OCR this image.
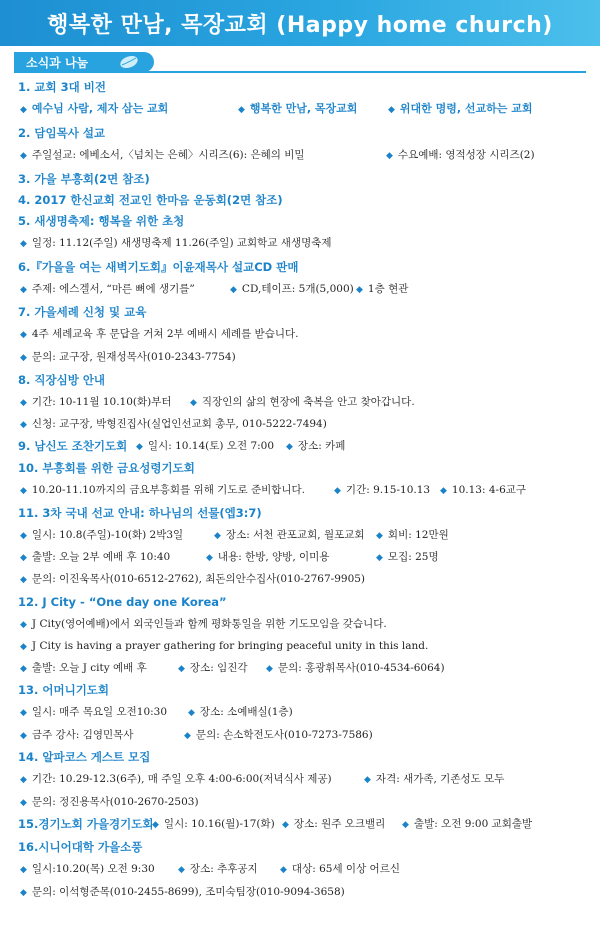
행복한 만남, 목장교회 (Happy home church)
소식과 나눔
1. 교회 3대 비전
◆ 예수님 사람, 제자 삼는 교회	◆ 행복한 만남, 목장교회	◆ 위대한 명령, 선교하는 교회
2. 담임목사 설교
◆ 주일설교: 에베소서,〈넘치는 은혜〉시리즈(6): 은혜의 비밀	◆ 수요예배: 영적성장 시리즈(2)
3. 가을 부흥회(2면 참조)
4. 2017 한신교회 전교인 한마음 운동회(2면 참조)
5. 새생명축제: 행복을 위한 초청
◆ 일정: 11.12(주일) 새생명축제 11.26(주일) 교회학교 새생명축제
6.『가을을 여는 새벽기도회』이윤재목사 설교CD 판매
◆ 주제: 에스겔서, “마른 뼈에 생기를”	◆ CD,테이프: 5개(5,000) ◆ 1층 현관
7. 가을세례 신청 및 교육
◆ 4주 세례교육 후 문답을 거쳐 2부 예배시 세례를 받습니다.
◆ 문의: 교구장, 원재성목사(010-2343-7754)
8. 직장심방 안내
◆ 기간: 10-11월 10.10(화)부터 ◆ 직장인의 삶의 현장에 축복을 안고 찾아갑니다.
◆ 신청: 교구장, 박형진집사(실업인선교회 총무, 010-5222-7494)
9. 남신도 조찬기도회 ◆ 일시: 10.14(토) 오전 7:00 ◆ 장소: 카페
10. 부흥회를 위한 금요성령기도회
◆ 10.20-11.10까지의 금요부흥회를 위해 기도로 준비합니다.	◆ 기간: 9.15-10.13 ◆ 10.13: 4-6교구
11. 3차 국내 선교 안내: 하나님의 선물(엡3:7)
◆ 일시: 10.8(주일)-10(화) 2박3일	◆ 장소: 서천 관포교회, 월포교회 ◆ 회비: 12만원
◆ 출발: 오늘 2부 예배 후 10:40	◆ 내용: 한방, 양방, 이미용	◆ 모집: 25명
◆ 문의: 이진욱목사(010-6512-2762), 최돈의안수집사(010-2767-9905)
12. J City - “One day one Korea”
◆ J City(영어예배)에서 외국인들과 함께 평화통일을 위한 기도모임을 갖습니다.
◆ J City is having a prayer gathering for bringing peaceful unity in this land.
◆ 출발: 오늘 J city 예배 후	◆ 장소: 임진각 ◆ 문의: 홍광휘목사(010-4534-6064)
13. 어머니기도회
◆ 일시: 매주 목요일 오전10:30 ◆ 장소: 소예배실(1층)
◆ 금주 강사: 김영민목사	◆ 문의: 손소학전도사(010-7273-7586)
14. 알파코스 게스트 모집
◆ 기간: 10.29-12.3(6주), 매 주일 오후 4:00-6:00(저녁식사 제공)	◆ 자격: 새가족, 기존성도 모두
◆ 문의: 정진용목사(010-2670-2503)
15.경기노회 가을경기도회
◆ 일시: 10.16(월)-17(화) ◆ 장소: 원주 오크밸리 ◆ 출발: 오전 9:00 교회출발
16.시니어대학 가을소풍
◆ 일시:10.20(목) 오전 9:30	◆ 장소: 추후공지 ◆ 대상: 65세 이상 어르신
◆ 문의: 이석형준목(010-2455-8699), 조미숙팀장(010-9094-3658)
